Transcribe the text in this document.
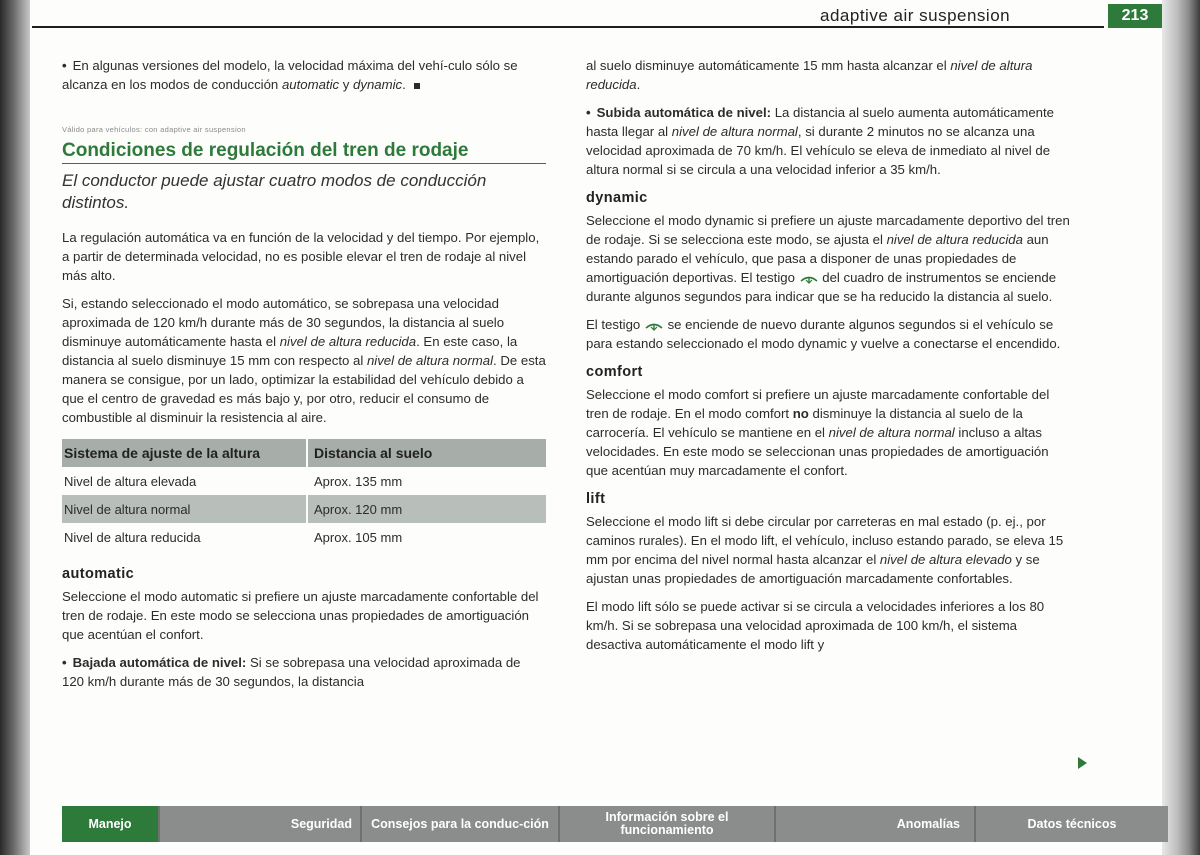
adaptive air suspension	213

• En algunas versiones del modelo, la velocidad máxima del vehí-culo sólo se alcanza en los modos de conducción automatic y dynamic.

Válido para vehículos: con adaptive air suspension
Condiciones de regulación del tren de rodaje
El conductor puede ajustar cuatro modos de conducción distintos.

La regulación automática va en función de la velocidad y del tiempo. Por ejemplo, a partir de determinada velocidad, no es posible elevar el tren de rodaje al nivel más alto.

Si, estando seleccionado el modo automático, se sobrepasa una velocidad aproximada de 120 km/h durante más de 30 segundos, la distancia al suelo disminuye automáticamente hasta el nivel de altura reducida. En este caso, la distancia al suelo disminuye 15 mm con respecto al nivel de altura normal. De esta manera se consigue, por un lado, optimizar la estabilidad del vehículo debido a que el centro de gravedad es más bajo y, por otro, reducir el consumo de combustible al disminuir la resistencia al aire.

Sistema de ajuste de la altura	Distancia al suelo
Nivel de altura elevada	Aprox. 135 mm
Nivel de altura normal	Aprox. 120 mm
Nivel de altura reducida	Aprox. 105 mm
automatic

Seleccione el modo automatic si prefiere un ajuste marcadamente confortable del tren de rodaje. En este modo se selecciona unas propiedades de amortiguación que acentúan el confort.

• Bajada automática de nivel: Si se sobrepasa una velocidad aproximada de 120 km/h durante más de 30 segundos, la distancia

al suelo disminuye automáticamente 15 mm hasta alcanzar el nivel de altura reducida.

• Subida automática de nivel: La distancia al suelo aumenta automáticamente hasta llegar al nivel de altura normal, si durante 2 minutos no se alcanza una velocidad aproximada de 70 km/h. El vehículo se eleva de inmediato al nivel de altura normal si se circula a una velocidad inferior a 35 km/h.

dynamic

Seleccione el modo dynamic si prefiere un ajuste marcadamente deportivo del tren de rodaje. Si se selecciona este modo, se ajusta el nivel de altura reducida aun estando parado el vehículo, que pasa a disponer de unas propiedades de amortiguación deportivas. El testigo  del cuadro de instrumentos se enciende durante algunos segundos para indicar que se ha reducido la distancia al suelo.

El testigo  se enciende de nuevo durante algunos segundos si el vehículo se para estando seleccionado el modo dynamic y vuelve a conectarse el encendido.

comfort

Seleccione el modo comfort si prefiere un ajuste marcadamente confortable del tren de rodaje. En el modo comfort no disminuye la distancia al suelo de la carrocería. El vehículo se mantiene en el nivel de altura normal incluso a altas velocidades. En este modo se seleccionan unas propiedades de amortiguación que acentúan muy marcadamente el confort.

lift

Seleccione el modo lift si debe circular por carreteras en mal estado (p. ej., por caminos rurales). En el modo lift, el vehículo, incluso estando parado, se eleva 15 mm por encima del nivel normal hasta alcanzar el nivel de altura elevado y se ajustan unas propiedades de amortiguación marcadamente confortables.

El modo lift sólo se puede activar si se circula a velocidades inferiores a los 80 km/h. Si se sobrepasa una velocidad aproximada de 100 km/h, el sistema desactiva automáticamente el modo lift y

Manejo	Seguridad	Consejos para la conduc-ción	Información sobre el funcionamiento	Anomalías	Datos técnicos
